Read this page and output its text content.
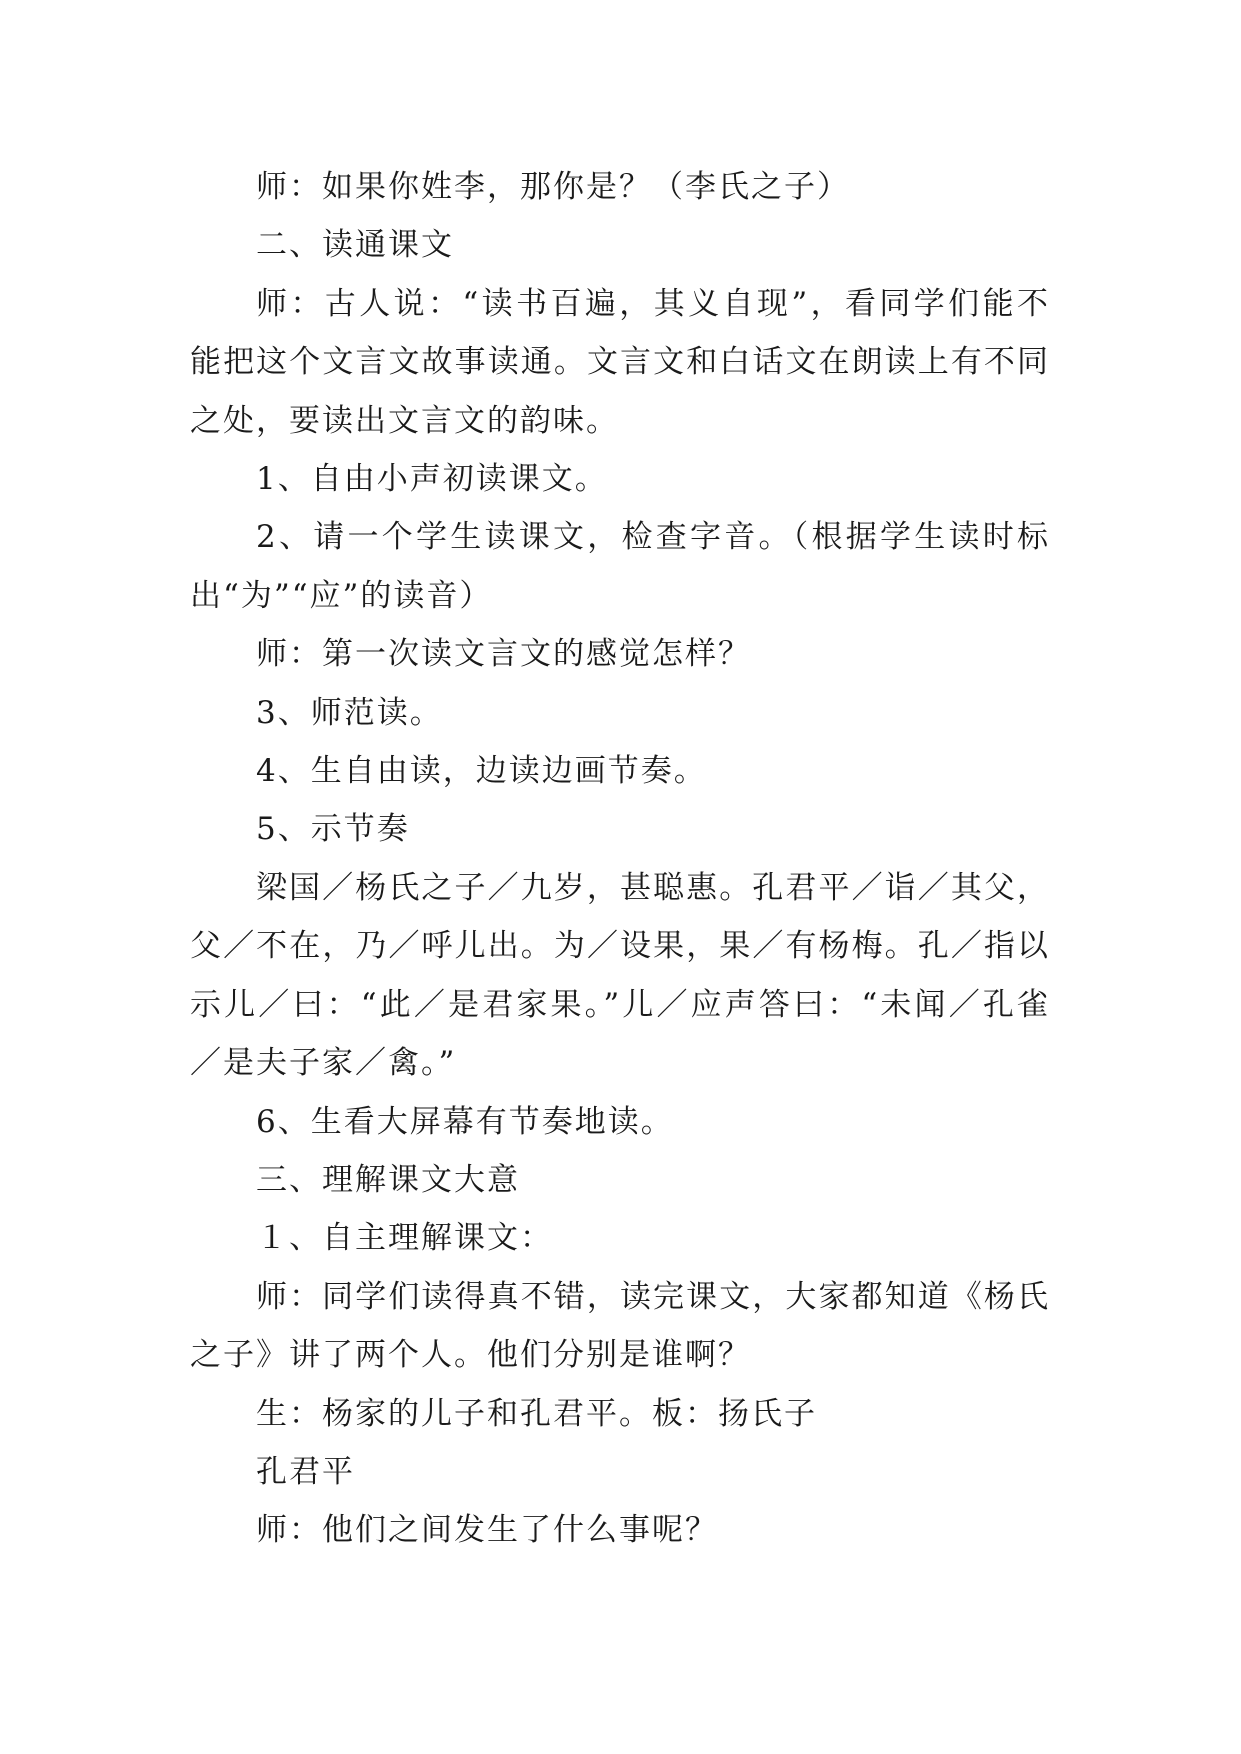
师：如果你姓李，那你是？（李氏之子）

二、读通课文

师：古人说：“读书百遍，其义自现”，看同学们能不能把这个文言文故事读通。文言文和白话文在朗读上有不同之处，要读出文言文的韵味。

1、自由小声初读课文。

2、请一个学生读课文，检查字音。（根据学生读时标出“为”“应”的读音）

师：第一次读文言文的感觉怎样？

3、师范读。

4、生自由读，边读边画节奏。

5、示节奏

梁国／杨氏之子／九岁，甚聪惠。孔君平／诣／其父，父／不在，乃／呼儿出。为／设果，果／有杨梅。孔／指以示儿／曰：“此／是君家果。”儿／应声答曰：“未闻／孔雀／是夫子家／禽。”

6、生看大屏幕有节奏地读。

三、理解课文大意

１、自主理解课文：

师：同学们读得真不错，读完课文，大家都知道《杨氏之子》讲了两个人。他们分别是谁啊？

生：杨家的儿子和孔君平。板：扬氏子

孔君平

师：他们之间发生了什么事呢？
